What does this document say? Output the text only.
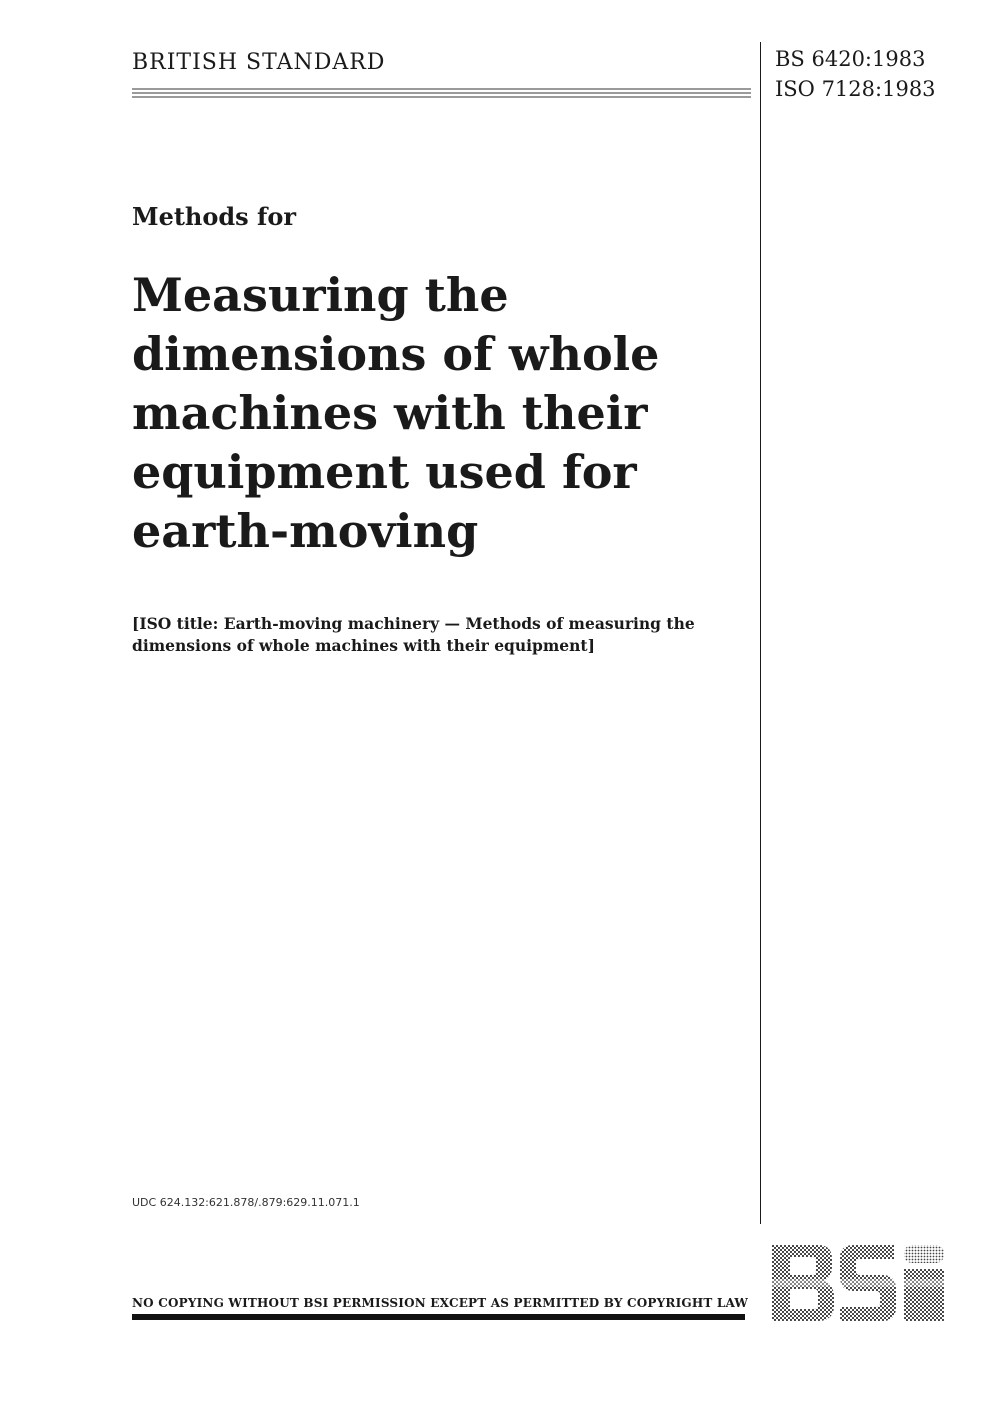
BRITISH STANDARD	BS 6420:1983
ISO 7128:1983
Methods for
Measuring the
dimensions of whole
machines with their
equipment used for
earth-moving
[ISO title: Earth-moving machinery — Methods of measuring the
dimensions of whole machines with their equipment]
UDC 624.132:621.878/.879:629.11.071.1
NO COPYING WITHOUT BSI PERMISSION EXCEPT AS PERMITTED BY COPYRIGHT LAW
